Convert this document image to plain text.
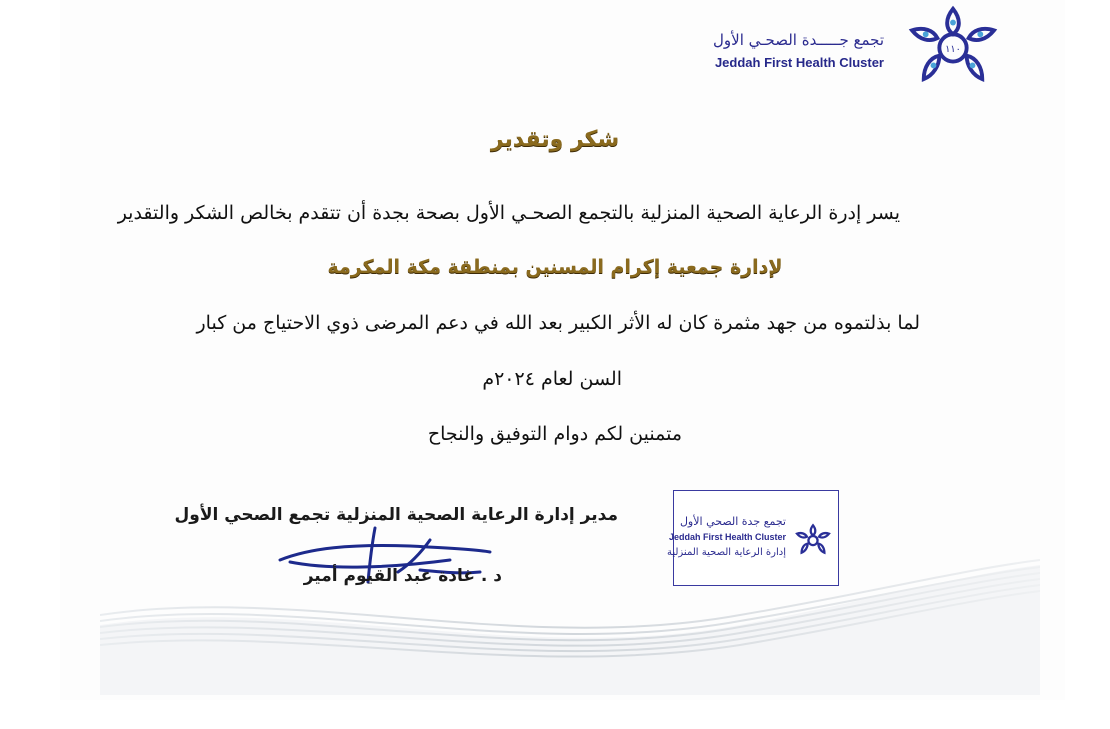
١١٠
تجمع جـــــدة الصحـي الأول
Jeddah First Health Cluster
شكر وتقدير
يسر إدرة الرعاية الصحية المنزلية بالتجمع الصحـي الأول بصحة بجدة أن تتقدم بخالص الشكر والتقدير
لإدارة جمعية إكرام المسنين بمنطقة مكة المكرمة
لما بذلتموه من جهد مثمرة كان له الأثر الكبير بعد الله في دعم المرضى ذوي الاحتياج من كبار
السن لعام ٢٠٢٤م
متمنين لكم دوام التوفيق والنجاح
مدير إدارة الرعاية الصحية المنزلية تجمع الصحي الأول
د . غادة عبد القيوم أمير
تجمع جدة الصحي الأول
Jeddah First Health Cluster
إدارة الرعاية الصحية المنزلية
